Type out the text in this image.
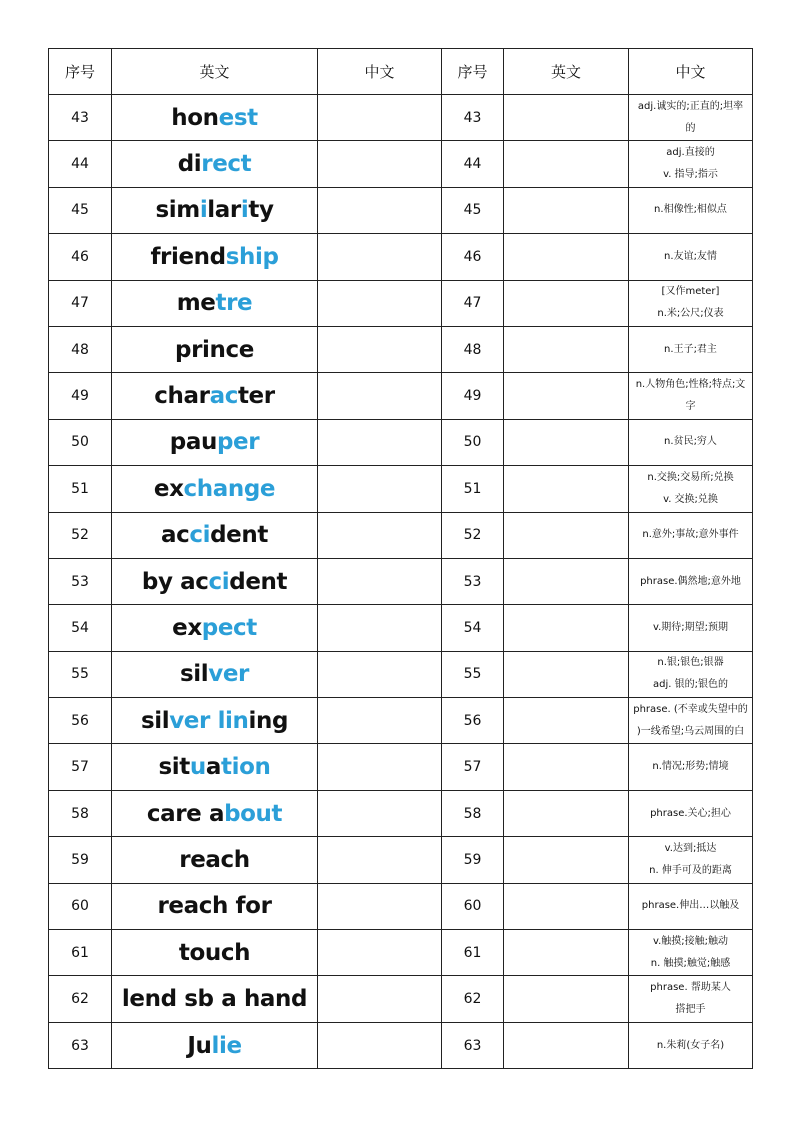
序号	英文	中文	序号	英文	中文
43	honest		43		adj.诚实的;正直的;坦率
的

44	direct		44		adj.直接的
v. 指导;指示

45	similarity		45		n.相像性;相似点

46	friendship		46		n.友谊;友情

47	metre		47		[又作meter]
n.米;公尺;仪表

48	prince		48		n.王子;君主

49	character		49		n.人物角色;性格;特点;文
字

50	pauper		50		n.贫民;穷人

51	exchange		51		n.交换;交易所;兑换
v. 交换;兑换

52	accident		52		n.意外;事故;意外事件

53	by accident		53		phrase.偶然地;意外地

54	expect		54		v.期待;期望;预期

55	silver		55		n.银;银色;银器
adj. 银的;银色的

56	silver lining		56		phrase. (不幸或失望中的
)一线希望;乌云周围的白

57	situation		57		n.情况;形势;情境

58	care about		58		phrase.关心;担心

59	reach		59		v.达到;抵达
n. 伸手可及的距离

60	reach for		60		phrase.伸出…以触及

61	touch		61		v.触摸;接触;触动
n. 触摸;触觉;触感

62	lend sb a hand		62		phrase. 帮助某人
搭把手

63	Julie		63		n.朱莉(女子名)
